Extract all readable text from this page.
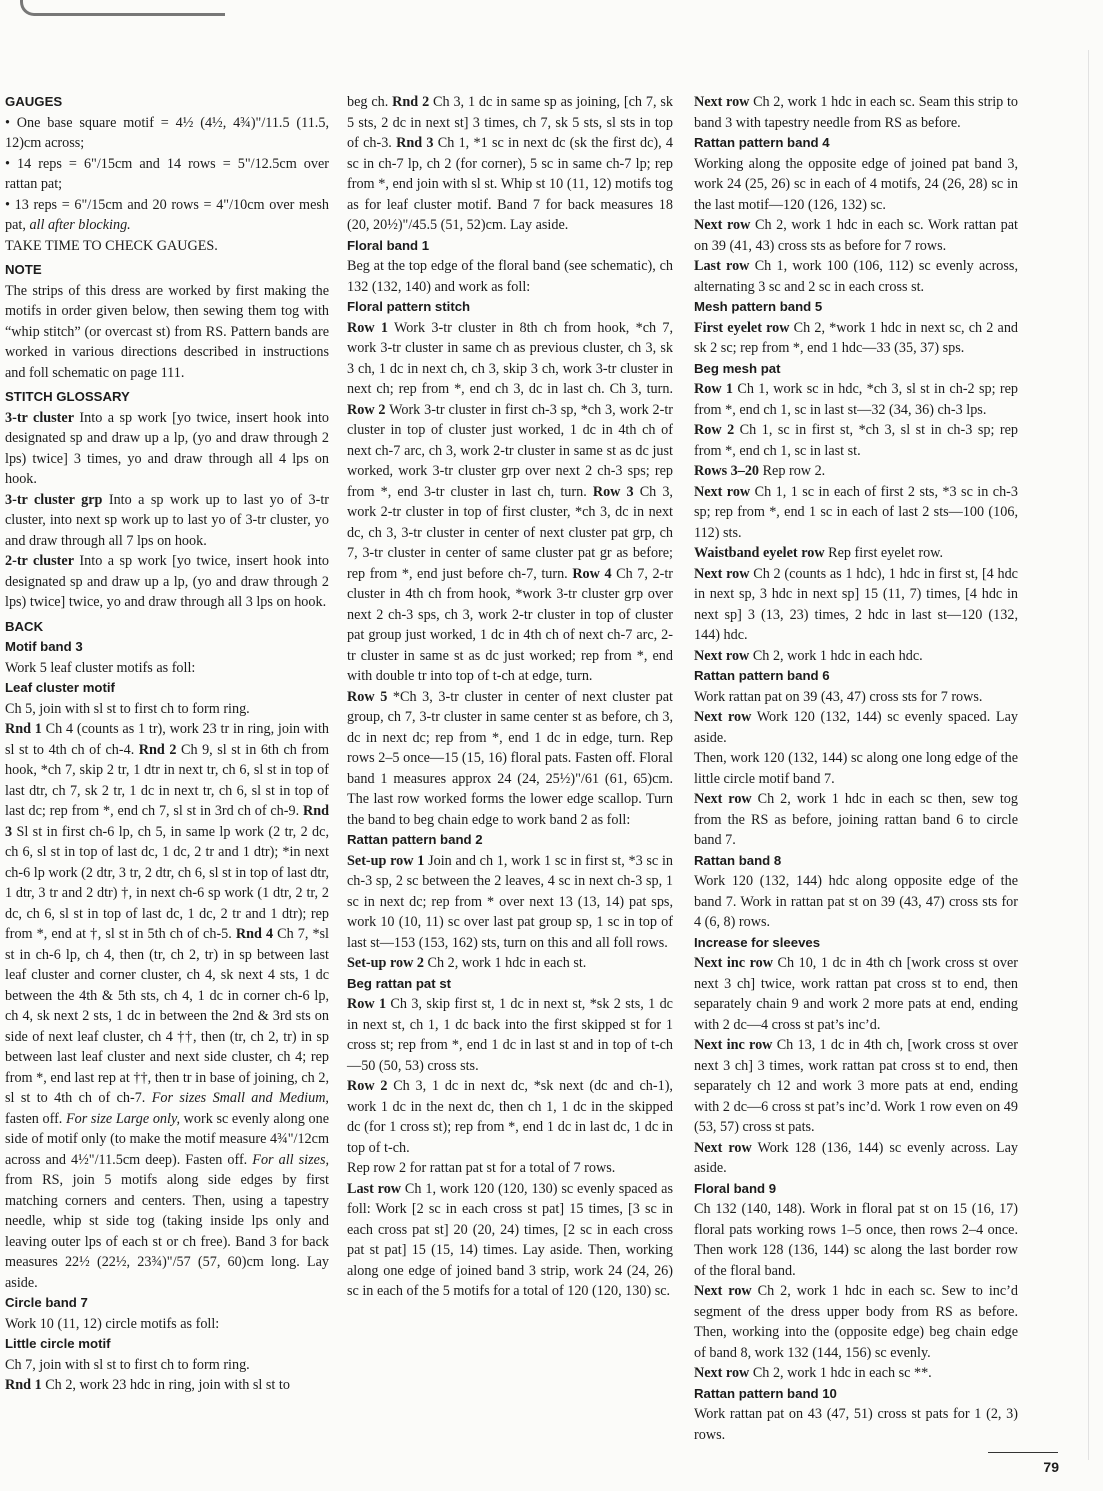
GAUGES

• One base square motif = 4½ (4½, 4¾)"/11.5 (11.5, 12)cm across;

• 14 reps = 6"/15cm and 14 rows = 5"/12.5cm over rattan pat;

• 13 reps = 6"/15cm and 20 rows = 4"/10cm over mesh pat, all after blocking.

TAKE TIME TO CHECK GAUGES.

NOTE

The strips of this dress are worked by first making the motifs in order given below, then sewing them tog with “whip stitch” (or overcast st) from RS. Pattern bands are worked in various directions described in instructions and foll schematic on page 111.

STITCH GLOSSARY

3-tr cluster Into a sp work [yo twice, insert hook into designated sp and draw up a lp, (yo and draw through 2 lps) twice] 3 times, yo and draw through all 4 lps on hook.

3-tr cluster grp Into a sp work up to last yo of 3-tr cluster, into next sp work up to last yo of 3-tr cluster, yo and draw through all 7 lps on hook.

2-tr cluster Into a sp work [yo twice, insert hook into designated sp and draw up a lp, (yo and draw through 2 lps) twice] twice, yo and draw through all 3 lps on hook.

BACK
Motif band 3

Work 5 leaf cluster motifs as foll:

Leaf cluster motif

Ch 5, join with sl st to first ch to form ring.

Rnd 1 Ch 4 (counts as 1 tr), work 23 tr in ring, join with sl st to 4th ch of ch-4. Rnd 2 Ch 9, sl st in 6th ch from hook, *ch 7, skip 2 tr, 1 dtr in next tr, ch 6, sl st in top of last dtr, ch 7, sk 2 tr, 1 dc in next tr, ch 6, sl st in top of last dc; rep from *, end ch 7, sl st in 3rd ch of ch-9. Rnd 3 Sl st in first ch-6 lp, ch 5, in same lp work (2 tr, 2 dc, ch 6, sl st in top of last dc, 1 dc, 2 tr and 1 dtr); *in next ch-6 lp work (2 dtr, 3 tr, 2 dtr, ch 6, sl st in top of last dtr, 1 dtr, 3 tr and 2 dtr) †, in next ch-6 sp work (1 dtr, 2 tr, 2 dc, ch 6, sl st in top of last dc, 1 dc, 2 tr and 1 dtr); rep from *, end at †, sl st in 5th ch of ch-5. Rnd 4 Ch 7, *sl st in ch-6 lp, ch 4, then (tr, ch 2, tr) in sp between last leaf cluster and corner cluster, ch 4, sk next 4 sts, 1 dc between the 4th & 5th sts, ch 4, 1 dc in corner ch-6 lp, ch 4, sk next 2 sts, 1 dc in between the 2nd & 3rd sts on side of next leaf cluster, ch 4 ††, then (tr, ch 2, tr) in sp between last leaf cluster and next side cluster, ch 4; rep from *, end last rep at ††, then tr in base of joining, ch 2, sl st to 4th ch of ch-7. For sizes Small and Medium, fasten off. For size Large only, work sc evenly along one side of motif only (to make the motif measure 4¾"/12cm across and 4½"/11.5cm deep). Fasten off. For all sizes, from RS, join 5 motifs along side edges by first matching corners and centers. Then, using a tapestry needle, whip st side tog (taking inside lps only and leaving outer lps of each st or ch free). Band 3 for back measures 22½ (22½, 23¾)"/57 (57, 60)cm long. Lay aside.

Circle band 7

Work 10 (11, 12) circle motifs as foll:

Little circle motif

Ch 7, join with sl st to first ch to form ring.

Rnd 1 Ch 2, work 23 hdc in ring, join with sl st to

beg ch. Rnd 2 Ch 3, 1 dc in same sp as joining, [ch 7, sk 5 sts, 2 dc in next st] 3 times, ch 7, sk 5 sts, sl sts in top of ch-3. Rnd 3 Ch 1, *1 sc in next dc (sk the first dc), 4 sc in ch-7 lp, ch 2 (for corner), 5 sc in same ch-7 lp; rep from *, end join with sl st. Whip st 10 (11, 12) motifs tog as for leaf cluster motif. Band 7 for back measures 18 (20, 20½)"/45.5 (51, 52)cm. Lay aside.

Floral band 1

Beg at the top edge of the floral band (see schematic), ch 132 (132, 140) and work as foll:

Floral pattern stitch

Row 1 Work 3-tr cluster in 8th ch from hook, *ch 7, work 3-tr cluster in same ch as previous cluster, ch 3, sk 3 ch, 1 dc in next ch, ch 3, skip 3 ch, work 3-tr cluster in next ch; rep from *, end ch 3, dc in last ch. Ch 3, turn. Row 2 Work 3-tr cluster in first ch-3 sp, *ch 3, work 2-tr cluster in top of cluster just worked, 1 dc in 4th ch of next ch-7 arc, ch 3, work 2-tr cluster in same st as dc just worked, work 3-tr cluster grp over next 2 ch-3 sps; rep from *, end 3-tr cluster in last ch, turn. Row 3 Ch 3, work 2-tr cluster in top of first cluster, *ch 3, dc in next dc, ch 3, 3-tr cluster in center of next cluster pat grp, ch 7, 3-tr cluster in center of same cluster pat gr as before; rep from *, end just before ch-7, turn. Row 4 Ch 7, 2-tr cluster in 4th ch from hook, *work 3-tr cluster grp over next 2 ch-3 sps, ch 3, work 2-tr cluster in top of cluster pat group just worked, 1 dc in 4th ch of next ch-7 arc, 2-tr cluster in same st as dc just worked; rep from *, end with double tr into top of t-ch at edge, turn.

Row 5 *Ch 3, 3-tr cluster in center of next cluster pat group, ch 7, 3-tr cluster in same center st as before, ch 3, dc in next dc; rep from *, end 1 dc in edge, turn. Rep rows 2–5 once—15 (15, 16) floral pats. Fasten off. Floral band 1 measures approx 24 (24, 25½)"/61 (61, 65)cm. The last row worked forms the lower edge scallop. Turn the band to beg chain edge to work band 2 as foll:

Rattan pattern band 2

Set-up row 1 Join and ch 1, work 1 sc in first st, *3 sc in ch-3 sp, 2 sc between the 2 leaves, 4 sc in next ch-3 sp, 1 sc in next dc; rep from * over next 13 (13, 14) pat sps, work 10 (10, 11) sc over last pat group sp, 1 sc in top of last st—153 (153, 162) sts, turn on this and all foll rows.

Set-up row 2 Ch 2, work 1 hdc in each st.

Beg rattan pat st

Row 1 Ch 3, skip first st, 1 dc in next st, *sk 2 sts, 1 dc in next st, ch 1, 1 dc back into the first skipped st for 1 cross st; rep from *, end 1 dc in last st and in top of t-ch—50 (50, 53) cross sts.

Row 2 Ch 3, 1 dc in next dc, *sk next (dc and ch-1), work 1 dc in the next dc, then ch 1, 1 dc in the skipped dc (for 1 cross st); rep from *, end 1 dc in last dc, 1 dc in top of t-ch.

Rep row 2 for rattan pat st for a total of 7 rows.

Last row Ch 1, work 120 (120, 130) sc evenly spaced as foll: Work [2 sc in each cross st pat] 15 times, [3 sc in each cross pat st] 20 (20, 24) times, [2 sc in each cross pat st pat] 15 (15, 14) times. Lay aside. Then, working along one edge of joined band 3 strip, work 24 (24, 26) sc in each of the 5 motifs for a total of 120 (120, 130) sc.

Next row Ch 2, work 1 hdc in each sc. Seam this strip to band 3 with tapestry needle from RS as before.

Rattan pattern band 4

Working along the opposite edge of joined pat band 3, work 24 (25, 26) sc in each of 4 motifs, 24 (26, 28) sc in the last motif—120 (126, 132) sc.

Next row Ch 2, work 1 hdc in each sc. Work rattan pat on 39 (41, 43) cross sts as before for 7 rows.

Last row Ch 1, work 100 (106, 112) sc evenly across, alternating 3 sc and 2 sc in each cross st.

Mesh pattern band 5

First eyelet row Ch 2, *work 1 hdc in next sc, ch 2 and sk 2 sc; rep from *, end 1 hdc—33 (35, 37) sps.

Beg mesh pat

Row 1 Ch 1, work sc in hdc, *ch 3, sl st in ch-2 sp; rep from *, end ch 1, sc in last st—32 (34, 36) ch-3 lps.

Row 2 Ch 1, sc in first st, *ch 3, sl st in ch-3 sp; rep from *, end ch 1, sc in last st.

Rows 3–20 Rep row 2.

Next row Ch 1, 1 sc in each of first 2 sts, *3 sc in ch-3 sp; rep from *, end 1 sc in each of last 2 sts—100 (106, 112) sts.

Waistband eyelet row Rep first eyelet row.

Next row Ch 2 (counts as 1 hdc), 1 hdc in first st, [4 hdc in next sp, 3 hdc in next sp] 15 (11, 7) times, [4 hdc in next sp] 3 (13, 23) times, 2 hdc in last st—120 (132, 144) hdc.

Next row Ch 2, work 1 hdc in each hdc.

Rattan pattern band 6

Work rattan pat on 39 (43, 47) cross sts for 7 rows.

Next row Work 120 (132, 144) sc evenly spaced. Lay aside.

Then, work 120 (132, 144) sc along one long edge of the little circle motif band 7.

Next row Ch 2, work 1 hdc in each sc then, sew tog from the RS as before, joining rattan band 6 to circle band 7.

Rattan band 8

Work 120 (132, 144) hdc along opposite edge of the band 7. Work in rattan pat st on 39 (43, 47) cross sts for 4 (6, 8) rows.

Increase for sleeves

Next inc row Ch 10, 1 dc in 4th ch [work cross st over next 3 ch] twice, work rattan pat cross st to end, then separately chain 9 and work 2 more pats at end, ending with 2 dc—4 cross st pat’s inc’d.

Next inc row Ch 13, 1 dc in 4th ch, [work cross st over next 3 ch] 3 times, work rattan pat cross st to end, then separately ch 12 and work 3 more pats at end, ending with 2 dc—6 cross st pat’s inc’d. Work 1 row even on 49 (53, 57) cross st pats.

Next row Work 128 (136, 144) sc evenly across. Lay aside.

Floral band 9

Ch 132 (140, 148). Work in floral pat st on 15 (16, 17) floral pats working rows 1–5 once, then rows 2–4 once. Then work 128 (136, 144) sc along the last border row of the floral band.

Next row Ch 2, work 1 hdc in each sc. Sew to inc’d segment of the dress upper body from RS as before. Then, working into the (opposite edge) beg chain edge of band 8, work 132 (144, 156) sc evenly.

Next row Ch 2, work 1 hdc in each sc **.

Rattan pattern band 10

Work rattan pat on 43 (47, 51) cross st pats for 1 (2, 3) rows.

79
